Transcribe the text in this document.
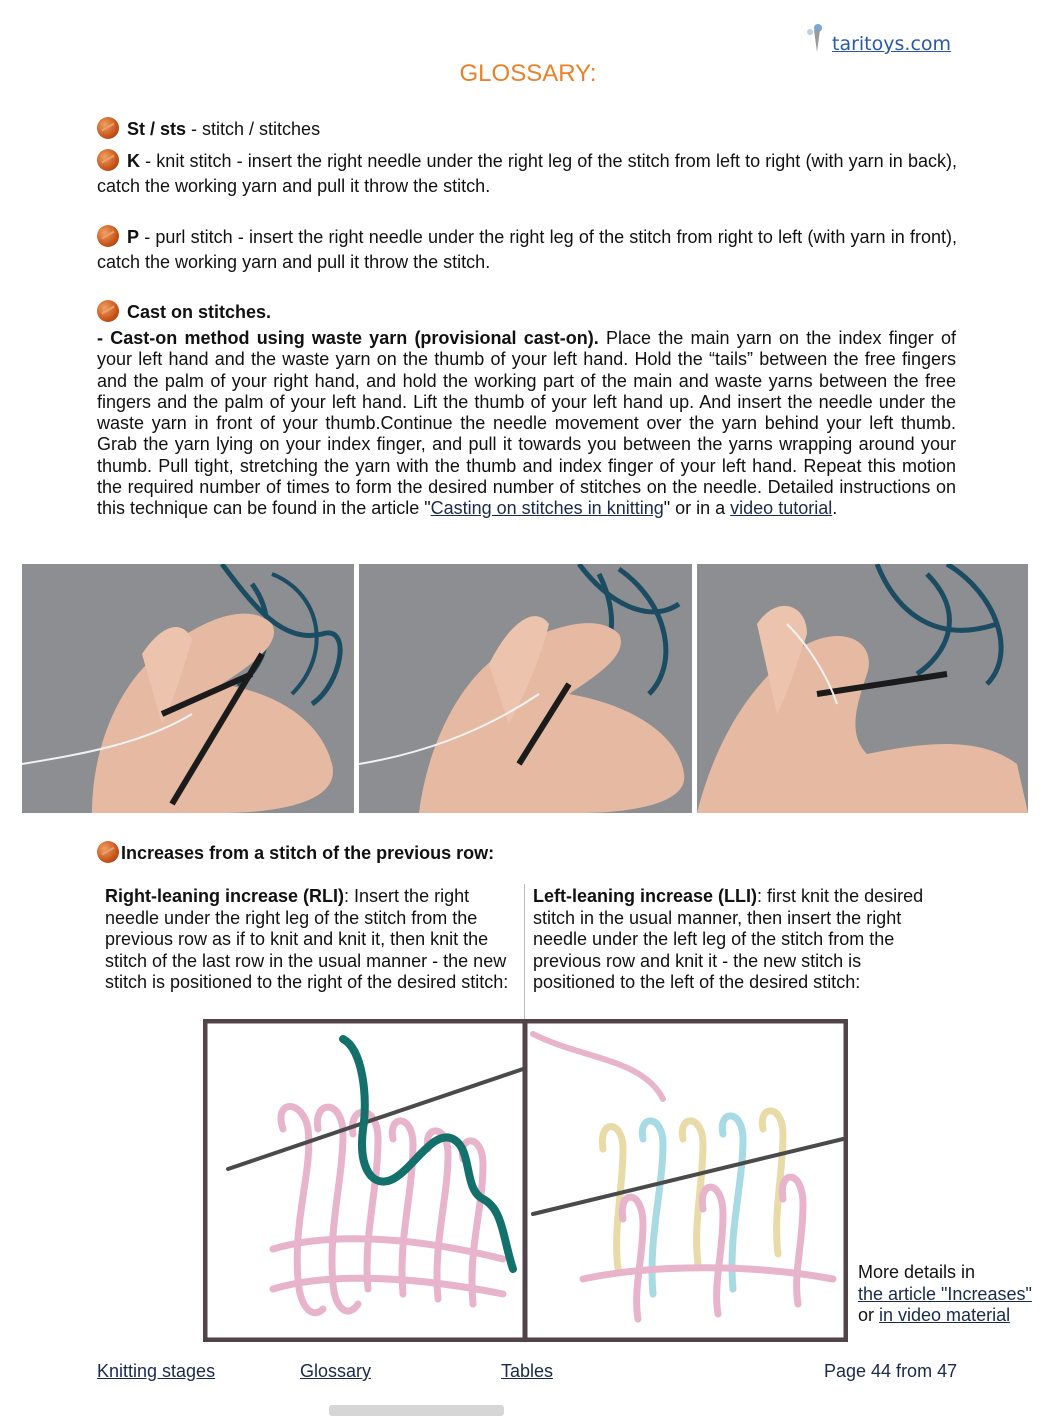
taritoys.com
GLOSSARY:
St / sts - stitch / stitches
K - knit stitch - insert the right needle under the right leg of the stitch from left to right (with yarn in back), catch the working yarn and pull it throw the stitch.
P - purl stitch - insert the right needle under the right leg of the stitch from right to left (with yarn in front), catch the working yarn and pull it throw the stitch.
Cast on stitches.
- Cast-on method using waste yarn (provisional cast-on). Place the main yarn on the index finger of your left hand and the waste yarn on the thumb of your left hand. Hold the “tails” between the free fingers and the palm of your right hand, and hold the working part of the main and waste yarns between the free fingers and the palm of your left hand. Lift the thumb of your left hand up. And insert the needle under the waste yarn in front of your thumb.Continue the needle movement over the yarn behind your left thumb. Grab the yarn lying on your index finger, and pull it towards you between the yarns wrapping around your thumb. Pull tight, stretching the yarn with the thumb and index finger of your left hand. Repeat this motion the required number of times to form the desired number of stitches on the needle. Detailed instructions on this technique can be found in the article "Casting on stitches in knitting" or in a video tutorial.
Increases from a stitch of the previous row:
Right-leaning increase (RLI): Insert the right needle under the right leg of the stitch from the previous row as if to knit and knit it, then knit the stitch of the last row in the usual manner - the new stitch is positioned to the right of the desired stitch:
Left-leaning increase (LLI): first knit the desired stitch in the usual manner, then insert the right needle under the left leg of the stitch from the previous row and knit it - the new stitch is positioned to the left of the desired stitch:
More details in
the article "Increases"
or in video material
Knitting stages	Glossary	Tables	Page 44 from 47
